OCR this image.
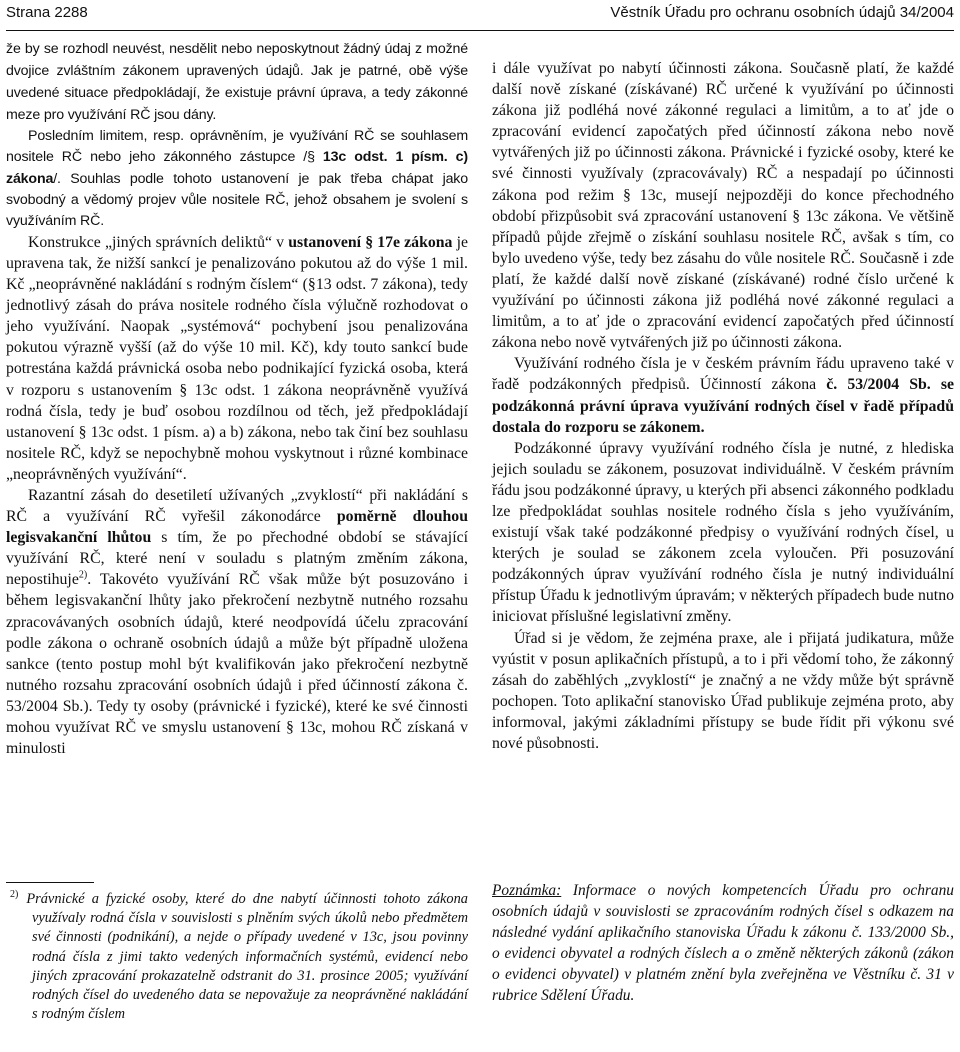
Strana 2288	Věstník Úřadu pro ochranu osobních údajů 34/2004

že by se rozhodl neuvést, nesdělit nebo neposkytnout žádný údaj z možné dvojice zvláštním zákonem upravených údajů. Jak je patrné, obě výše uvedené situace předpokládají, že existuje právní úprava, a tedy zákonné meze pro využívání RČ jsou dány.

Posledním limitem, resp. oprávněním, je využívání RČ se souhlasem nositele RČ nebo jeho zákonného zástupce /§ 13c odst. 1 písm. c) zákona/. Souhlas podle tohoto ustanovení je pak třeba chápat jako svobodný a vědomý projev vůle nositele RČ, jehož obsahem je svolení s využíváním RČ.

Konstrukce „jiných správních deliktů“ v ustanovení § 17e zákona je upravena tak, že nižší sankcí je penalizováno pokutou až do výše 1 mil. Kč „neoprávněné nakládání s rodným číslem“ (§13 odst. 7 zákona), tedy jednotlivý zásah do práva nositele rodného čísla výlučně rozhodovat o jeho využívání. Naopak „systémová“ pochybení jsou penalizována pokutou výrazně vyšší (až do výše 10 mil. Kč), kdy touto sankcí bude potrestána každá právnická osoba nebo podnikající fyzická osoba, která v rozporu s ustanovením § 13c odst. 1 zákona neoprávněně využívá rodná čísla, tedy je buď osobou rozdílnou od těch, jež předpokládají ustanovení § 13c odst. 1 písm. a) a b) zákona, nebo tak činí bez souhlasu nositele RČ, když se nepochybně mohou vyskytnout i různé kombinace „neoprávněných využívání“.

Razantní zásah do desetiletí užívaných „zvyklostí“ při nakládání s RČ a využívání RČ vyřešil zákonodárce poměrně dlouhou legisvakanční lhůtou s tím, že po přechodné období se stávající využívání RČ, které není v souladu s platným změním zákona, nepostihuje$^{2)}$. Takovéto využívání RČ však může být posuzováno i během legisvakanční lhůty jako překročení nezbytně nutného rozsahu zpracovávaných osobních údajů, které neodpovídá účelu zpracování podle zákona o ochraně osobních údajů a může být případně uložena sankce (tento postup mohl být kvalifikován jako překročení nezbytně nutného rozsahu zpracování osobních údajů i před účinností zákona č. 53/2004 Sb.). Tedy ty osoby (právnické i fyzické), které ke své činnosti mohou využívat RČ ve smyslu ustanovení § 13c, mohou RČ získaná v minulosti

$^{2)}$ Právnické a fyzické osoby, které do dne nabytí účinnosti tohoto zákona využívaly rodná čísla v souvislosti s plněním svých úkolů nebo předmětem své činnosti (podnikání), a nejde o případy uvedené v 13c, jsou povinny rodná čísla z jimi takto vedených informačních systémů, evidencí nebo jiných zpracování prokazatelně odstranit do 31. prosince 2005; využívání rodných čísel do uvedeného data se nepovažuje za neoprávněné nakládání s rodným číslem

i dále využívat po nabytí účinnosti zákona. Současně platí, že každé další nově získané (získávané) RČ určené k využívání po účinnosti zákona již podléhá nové zákonné regulaci a limitům, a to ať jde o zpracování evidencí započatých před účinností zákona nebo nově vytvářených již po účinnosti zákona. Právnické i fyzické osoby, které ke své činnosti využívaly (zpracovávaly) RČ a nespadají po účinnosti zákona pod režim § 13c, musejí nejpozději do konce přechodného období přizpůsobit svá zpracování ustanovení § 13c zákona. Ve většině případů půjde zřejmě o získání souhlasu nositele RČ, avšak s tím, co bylo uvedeno výše, tedy bez zásahu do vůle nositele RČ. Současně i zde platí, že každé další nově získané (získávané) rodné číslo určené k využívání po účinnosti zákona již podléhá nové zákonné regulaci a limitům, a to ať jde o zpracování evidencí započatých před účinností zákona nebo nově vytvářených již po účinnosti zákona.

Využívání rodného čísla je v českém právním řádu upraveno také v řadě podzákonných předpisů. Účinností zákona č. 53/2004 Sb. se podzákonná právní úprava využívání rodných čísel v řadě případů dostala do rozporu se zákonem.

Podzákonné úpravy využívání rodného čísla je nutné, z hlediska jejich souladu se zákonem, posuzovat individuálně. V českém právním řádu jsou podzákonné úpravy, u kterých při absenci zákonného podkladu lze předpokládat souhlas nositele rodného čísla s jeho využíváním, existují však také podzákonné předpisy o využívání rodných čísel, u kterých je soulad se zákonem zcela vyloučen. Při posuzování podzákonných úprav využívání rodného čísla je nutný individuální přístup Úřadu k jednotlivým úpravám; v některých případech bude nutno iniciovat příslušné legislativní změny.

Úřad si je vědom, že zejména praxe, ale i přijatá judikatura, může vyústit v posun aplikačních přístupů, a to i při vědomí toho, že zákonný zásah do zaběhlých „zvyklostí“ je značný a ne vždy může být správně pochopen. Toto aplikační stanovisko Úřad publikuje zejména proto, aby informoval, jakými základními přístupy se bude řídit při výkonu své nové působnosti.

Poznámka: Informace o nových kompetencích Úřadu pro ochranu osobních údajů v souvislosti se zpracováním rodných čísel s odkazem na následné vydání aplikačního stanoviska Úřadu k zákonu č. 133/2000 Sb., o evidenci obyvatel a rodných číslech a o změně některých zákonů (zákon o evidenci obyvatel) v platném znění byla zveřejněna ve Věstníku č. 31 v rubrice Sdělení Úřadu.
